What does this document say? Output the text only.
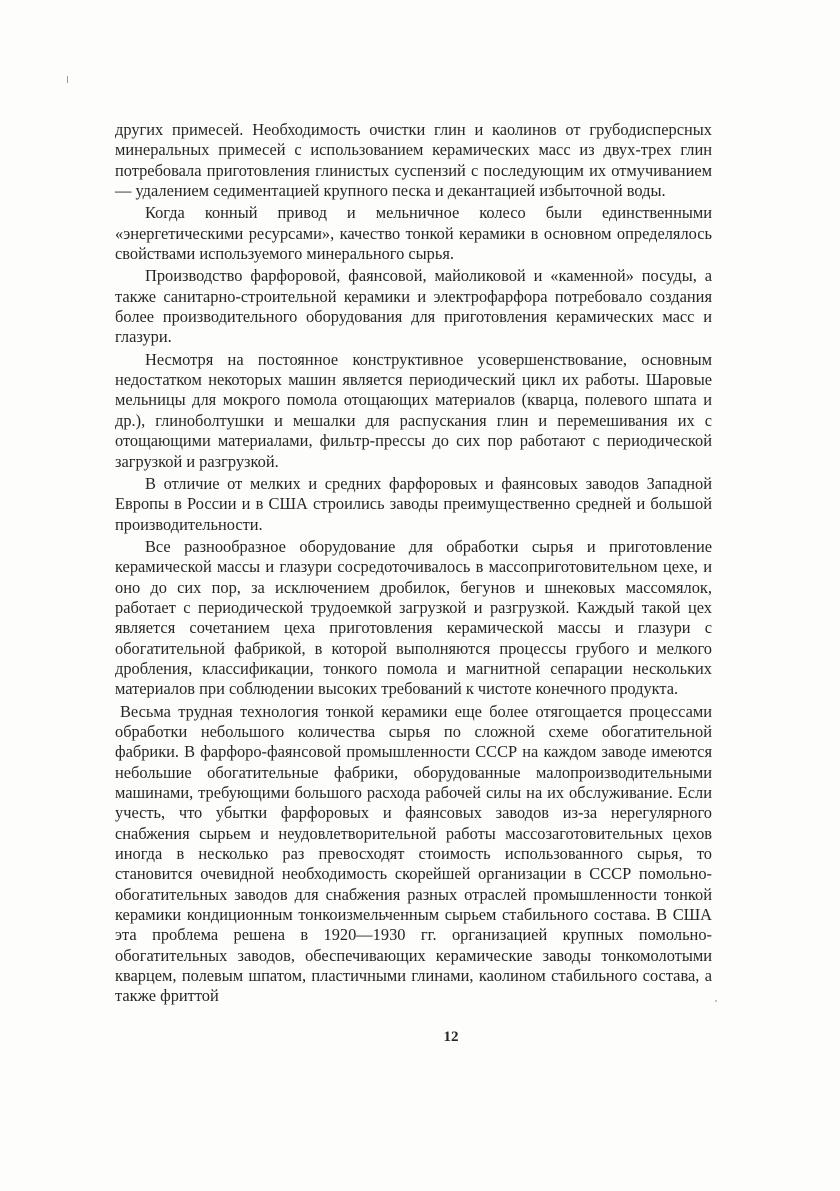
других примесей. Необходимость очистки глин и каолинов от грубодисперсных минеральных примесей с использованием керамических масс из двух-трех глин потребовала приготовления глинистых суспензий с последующим их отмучиванием — удалением седиментацией крупного песка и декантацией избыточной воды.

Когда конный привод и мельничное колесо были единственными «энергетическими ресурсами», качество тонкой керамики в основном определялось свойствами используемого минерального сырья.

Производство фарфоровой, фаянсовой, майоликовой и «каменной» посуды, а также санитарно-строительной керамики и электрофарфора потребовало создания более производительного оборудования для приготовления керамических масс и глазури.

Несмотря на постоянное конструктивное усовершенствование, основным недостатком некоторых машин является периодический цикл их работы. Шаровые мельницы для мокрого помола отощающих материалов (кварца, полевого шпата и др.), глиноболтушки и мешалки для распускания глин и перемешивания их с отощающими материалами, фильтр-прессы до сих пор работают с периодической загрузкой и разгрузкой.

В отличие от мелких и средних фарфоровых и фаянсовых заводов Западной Европы в России и в США строились заводы преимущественно средней и большой производительности.

Все разнообразное оборудование для обработки сырья и приготовление керамической массы и глазури сосредоточивалось в массоприготовительном цехе, и оно до сих пор, за исключением дробилок, бегунов и шнековых массомялок, работает с периодической трудоемкой загрузкой и разгрузкой. Каждый такой цех является сочетанием цеха приготовления керамической массы и глазури с обогатительной фабрикой, в которой выполняются процессы грубого и мелкого дробления, классификации, тонкого помола и магнитной сепарации нескольких материалов при соблюдении высоких требований к чистоте конечного продукта.

Весьма трудная технология тонкой керамики еще более отягощается процессами обработки небольшого количества сырья по сложной схеме обогатительной фабрики. В фарфоро-фаянсовой промышленности СССР на каждом заводе имеются небольшие обогатительные фабрики, оборудованные малопроизводительными машинами, требующими большого расхода рабочей силы на их обслуживание. Если учесть, что убытки фарфоровых и фаянсовых заводов из-за нерегулярного снабжения сырьем и неудовлетворительной работы массозаготовительных цехов иногда в несколько раз превосходят стоимость использованного сырья, то становится очевидной необходимость скорейшей организации в СССР помольно-обогатительных заводов для снабжения разных отраслей промышленности тонкой керамики кондиционным тонкоизмельченным сырьем стабильного состава. В США эта проблема решена в 1920—1930 гг. организацией крупных помольно-обогатительных заводов, обеспечивающих керамические заводы тонкомолотыми кварцем, полевым шпатом, пластичными глинами, каолином стабильного состава, а также фриттой

12
